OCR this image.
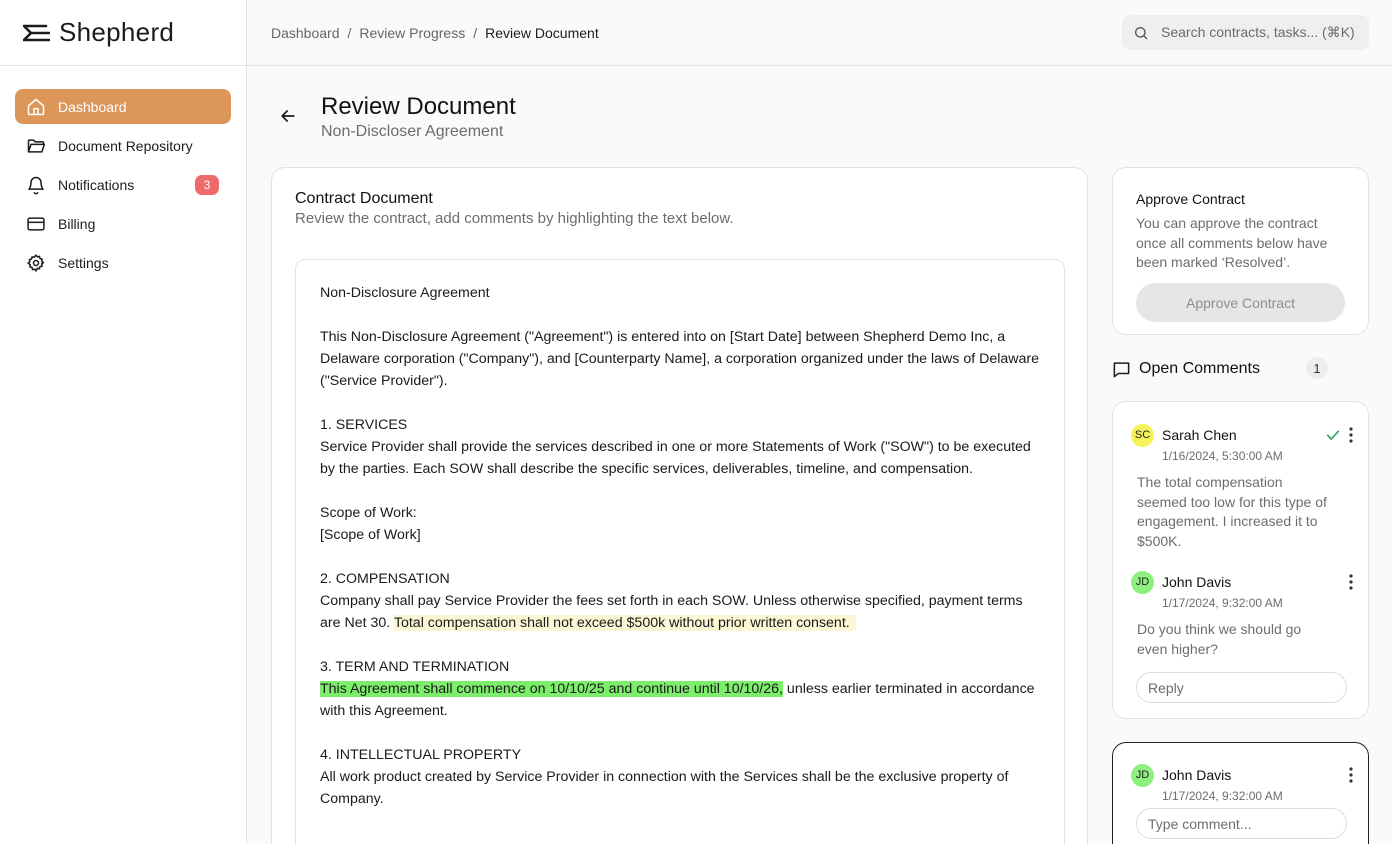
Shepherd
Dashboard
Document Repository
Notifications	3
Billing
Settings
Dashboard / Review Progress / Review Document	Search contracts, tasks... (⌘K)
Review Document
Non-Discloser Agreement
Contract Document
Review the contract, add comments by highlighting the text below.

Non-Disclosure Agreement

This Non-Disclosure Agreement ("Agreement") is entered into on [Start Date] between Shepherd Demo Inc, a Delaware corporation ("Company"), and [Counterparty Name], a corporation organized under the laws of Delaware ("Service Provider").

1. SERVICES
Service Provider shall provide the services described in one or more Statements of Work ("SOW") to be executed by the parties. Each SOW shall describe the specific services, deliverables, timeline, and compensation.

Scope of Work:
[Scope of Work]

2. COMPENSATION
Company shall pay Service Provider the fees set forth in each SOW. Unless otherwise specified, payment terms are Net 30. Total compensation shall not exceed $500k without prior written consent.

3. TERM AND TERMINATION
This Agreement shall commence on 10/10/25 and continue until 10/10/26, unless earlier terminated in accordance with this Agreement.

4. INTELLECTUAL PROPERTY
All work product created by Service Provider in connection with the Services shall be the exclusive property of Company.

Approve Contract
You can approve the contract once all comments below have been marked ‘Resolved’.
Approve Contract
Open Comments	1
SC Sarah Chen
1/16/2024, 5:30:00 AM
The total compensation seemed too low for this type of engagement. I increased it to $500K.
JD John Davis
1/17/2024, 9:32:00 AM
Do you think we should go even higher?
Reply
JD John Davis
1/17/2024, 9:32:00 AM
Type comment...
